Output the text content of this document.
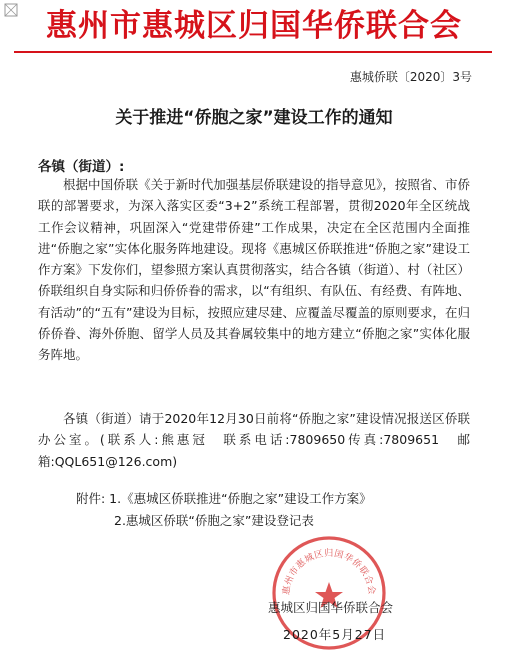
惠州市惠城区归国华侨联合会
惠城侨联〔2020〕3号
关于推进“侨胞之家”建设工作的通知
各镇（街道）:

根据中国侨联《关于新时代加强基层侨联建设的指导意见》，按照省、市侨联的部署要求，为深入落实区委“3+2”系统工程部署，贯彻2020年全区统战工作会议精神，巩固深入“党建带侨建”工作成果，决定在全区范围内全面推进“侨胞之家”实体化服务阵地建设。现将《惠城区侨联推进“侨胞之家”建设工作方案》下发你们，望参照方案认真贯彻落实，结合各镇（街道）、村（社区）侨联组织自身实际和归侨侨眷的需求，以“有组织、有队伍、有经费、有阵地、有活动”的“五有”建设为目标，按照应建尽建、应覆盖尽覆盖的原则要求，在归侨侨眷、海外侨胞、留学人员及其眷属较集中的地方建立“侨胞之家”实体化服务阵地。

各镇（街道）请于2020年12月30日前将“侨胞之家”建设情况报送区侨联办公室。(联系人:熊惠冠　联系电话:7809650传真:7809651　邮箱:QQL651@126.com)

附件: 1.《惠城区侨联推进“侨胞之家”建设工作方案》
2.惠城区侨联“侨胞之家”建设登记表
惠州市惠城区归国华侨联合会
惠城区归国华侨联合会
2020年5月27日
